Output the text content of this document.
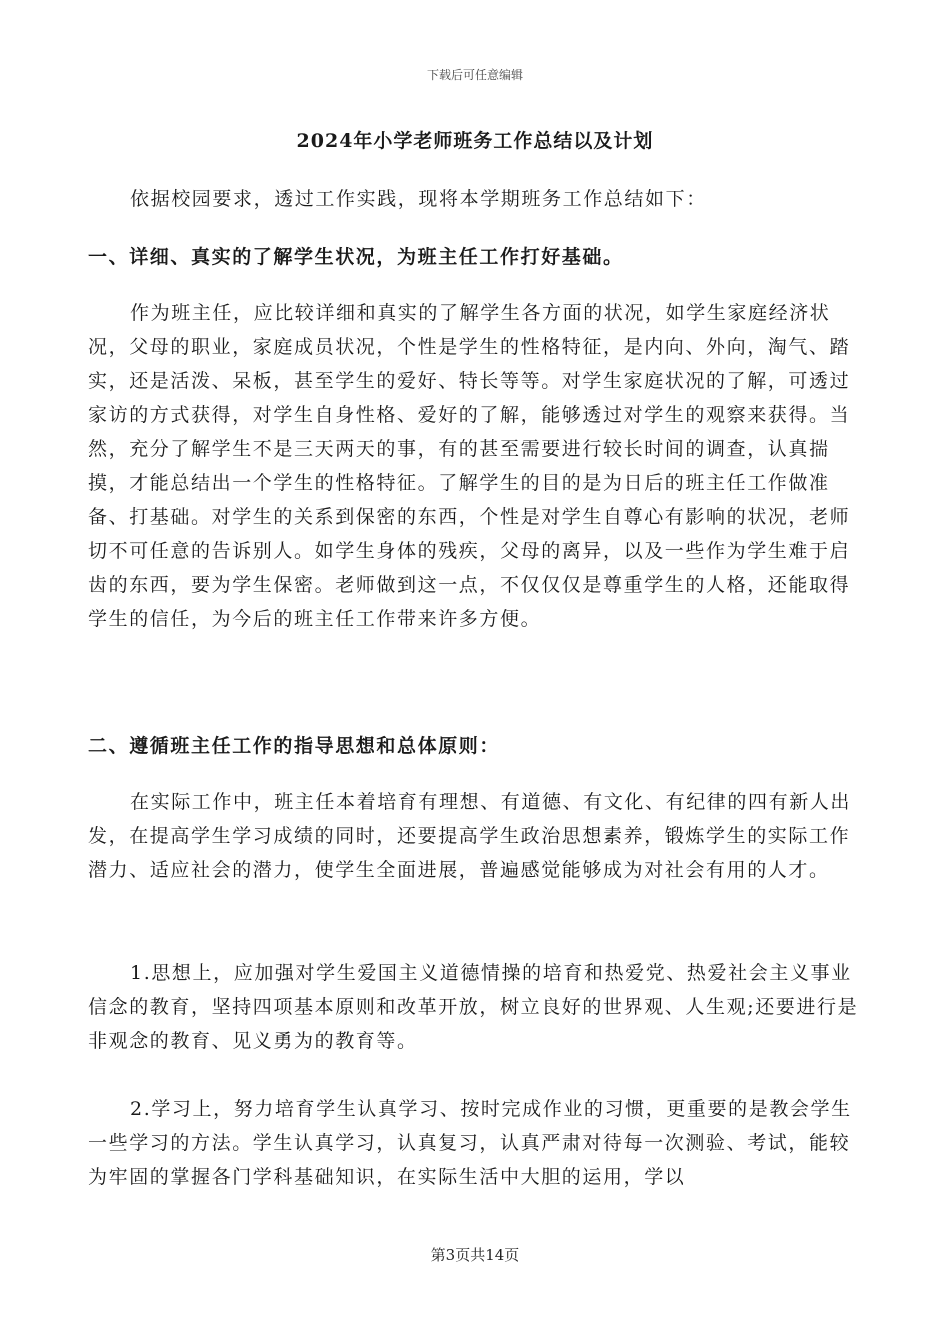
下载后可任意编辑
2024年小学老师班务工作总结以及计划
依据校园要求，透过工作实践，现将本学期班务工作总结如下：
一、详细、真实的了解学生状况，为班主任工作打好基础。
作为班主任，应比较详细和真实的了解学生各方面的状况，如学生家庭经济状况，父母的职业，家庭成员状况，个性是学生的性格特征，是内向、外向，淘气、踏实，还是活泼、呆板，甚至学生的爱好、特长等等。对学生家庭状况的了解，可透过家访的方式获得，对学生自身性格、爱好的了解，能够透过对学生的观察来获得。当然，充分了解学生不是三天两天的事，有的甚至需要进行较长时间的调查，认真揣摸，才能总结出一个学生的性格特征。了解学生的目的是为日后的班主任工作做准备、打基础。对学生的关系到保密的东西，个性是对学生自尊心有影响的状况，老师切不可任意的告诉别人。如学生身体的残疾，父母的离异，以及一些作为学生难于启齿的东西，要为学生保密。老师做到这一点，不仅仅仅是尊重学生的人格，还能取得学生的信任，为今后的班主任工作带来许多方便。
二、遵循班主任工作的指导思想和总体原则：
在实际工作中，班主任本着培育有理想、有道德、有文化、有纪律的四有新人出发，在提高学生学习成绩的同时，还要提高学生政治思想素养，锻炼学生的实际工作潜力、适应社会的潜力，使学生全面进展，普遍感觉能够成为对社会有用的人才。
1.思想上，应加强对学生爱国主义道德情操的培育和热爱党、热爱社会主义事业信念的教育，坚持四项基本原则和改革开放，树立良好的世界观、人生观;还要进行是非观念的教育、见义勇为的教育等。
2.学习上，努力培育学生认真学习、按时完成作业的习惯，更重要的是教会学生一些学习的方法。学生认真学习，认真复习，认真严肃对待每一次测验、考试，能较为牢固的掌握各门学科基础知识，在实际生活中大胆的运用，学以
第3页共14页
